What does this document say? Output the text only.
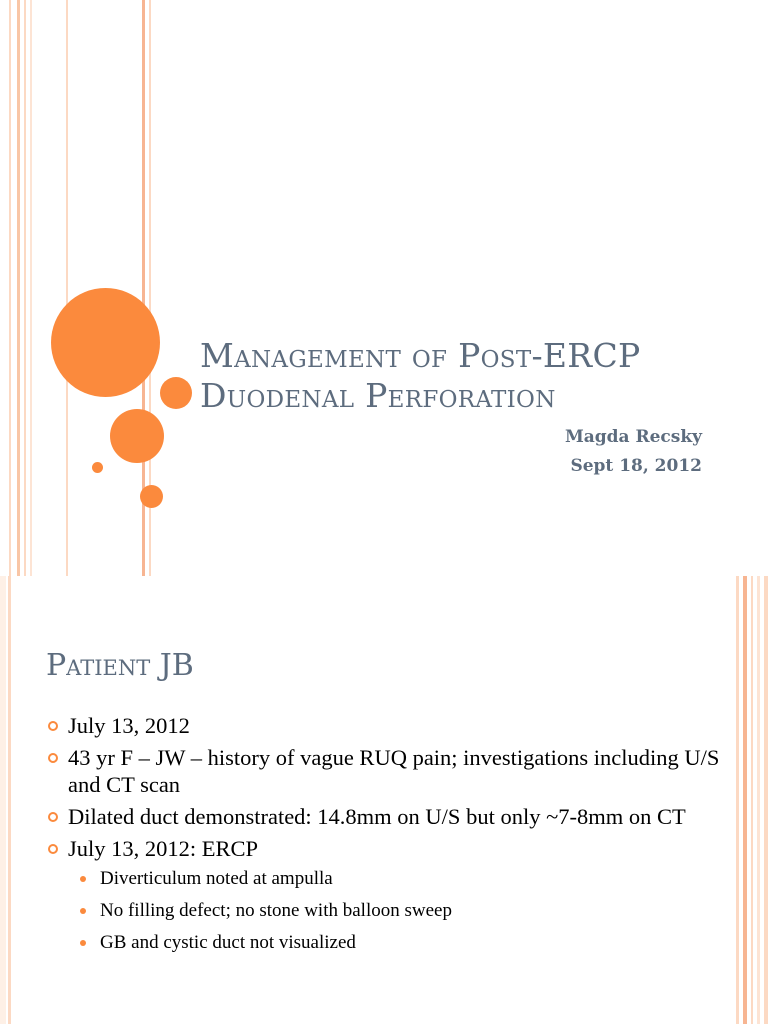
Management of Post-ERCP
Duodenal Perforation
Magda Recsky
Sept 18, 2012
Patient JB
July 13, 2012
43 yr F – JW – history of vague RUQ pain; investigations including U/S and CT scan
Dilated duct demonstrated: 14.8mm on U/S but only ~7-8mm on CT
July 13, 2012: ERCP
Diverticulum noted at ampulla
No filling defect; no stone with balloon sweep
GB and cystic duct not visualized
